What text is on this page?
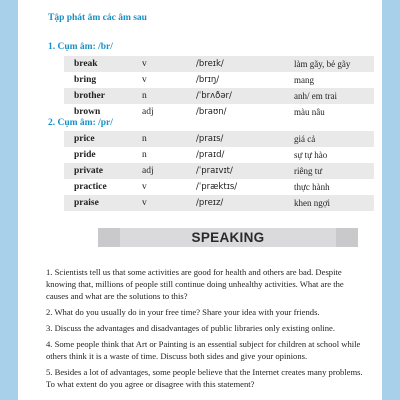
Tập phát âm các âm sau
1. Cụm âm: /br/
break	v	/breɪk/	làm gãy, bẻ gãy
bring	v	/brɪŋ/	mang
brother	n	/ˈbrʌðər/	anh/ em trai
brown	adj	/braʊn/	màu nâu
2. Cụm âm: /pr/
price	n	/praɪs/	giá cả
pride	n	/praɪd/	sự tự hào
private	adj	/ˈpraɪvɪt/	riêng tư
practice	v	/ˈpræktɪs/	thực hành
praise	v	/preɪz/	khen ngợi
SPEAKING

1. Scientists tell us that some activities are good for health and others are bad. Despite knowing that, millions of people still continue doing unhealthy activities. What are the causes and what are the solutions to this?

2. What do you usually do in your free time? Share your idea with your friends.

3. Discuss the advantages and disadvantages of public libraries only existing online.

4. Some people think that Art or Painting is an essential subject for children at school while others think it is a waste of time. Discuss both sides and give your opinions.

5. Besides a lot of advantages, some people believe that the Internet creates many problems. To what extent do you agree or disagree with this statement?
